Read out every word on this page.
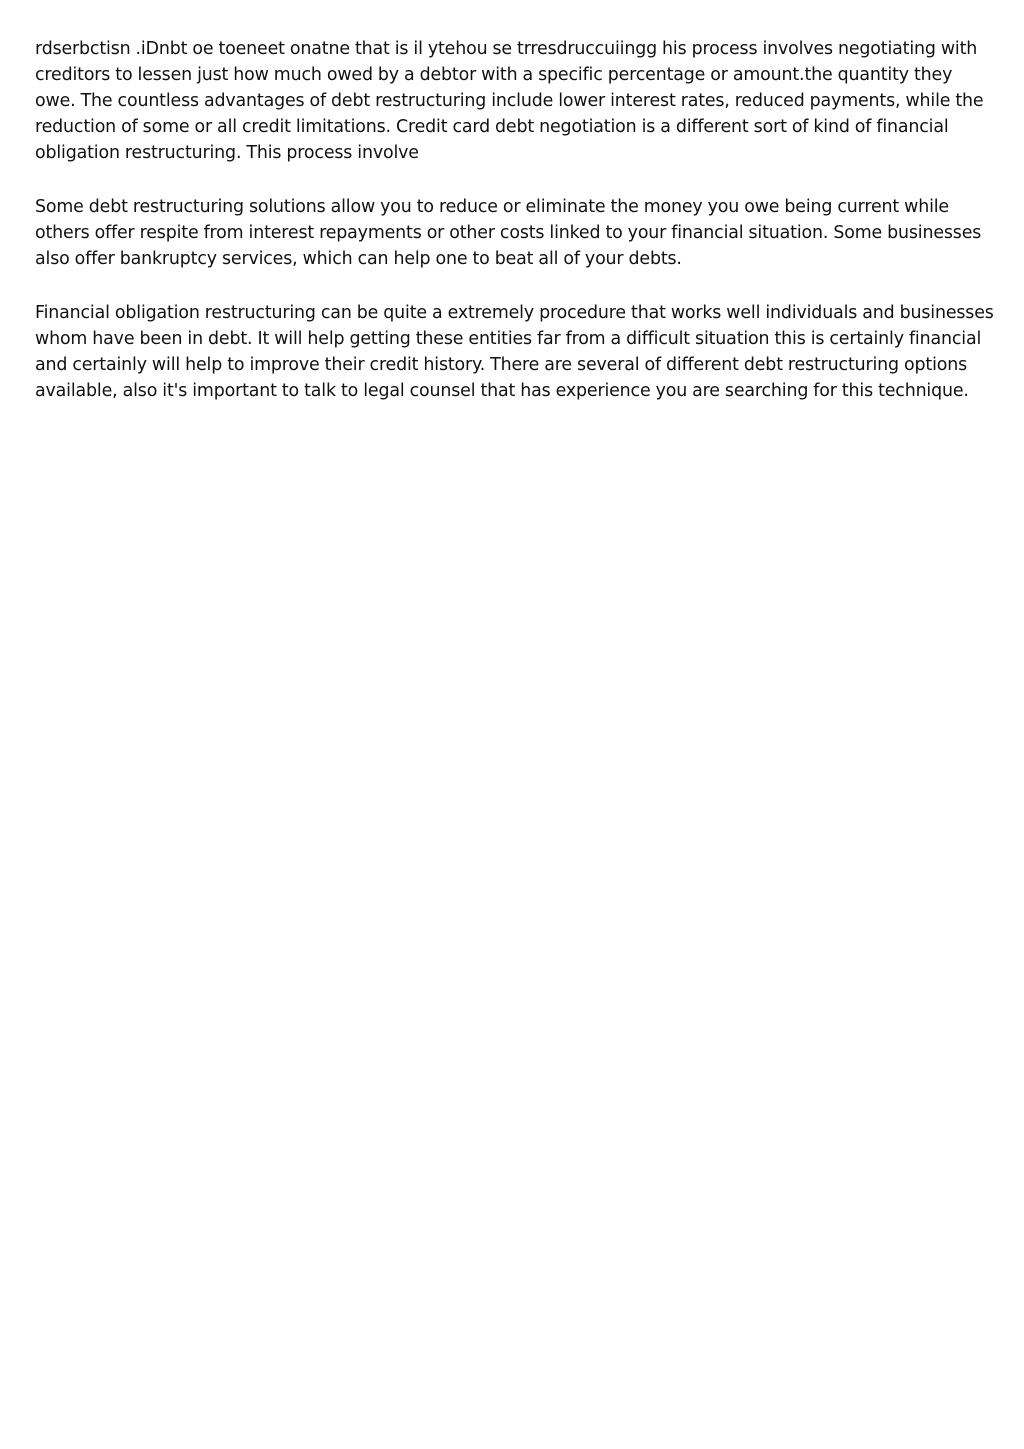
rdserbctisn .iDnbt oe toeneet onatne that is il ytehou se trresdruccuiingg his process involves negotiating with creditors to lessen just how much owed by a debtor with a specific percentage or amount.the quantity they owe. The countless advantages of debt restructuring include lower interest rates, reduced payments, while the reduction of some or all credit limitations. Credit card debt negotiation is a different sort of kind of financial obligation restructuring. This process involve

Some debt restructuring solutions allow you to reduce or eliminate the money you owe being current while others offer respite from interest repayments or other costs linked to your financial situation. Some businesses also offer bankruptcy services, which can help one to beat all of your debts.

Financial obligation restructuring can be quite a extremely procedure that works well individuals and businesses whom have been in debt. It will help getting these entities far from a difficult situation this is certainly financial and certainly will help to improve their credit history. There are several of different debt restructuring options available, also it's important to talk to legal counsel that has experience you are searching for this technique.
